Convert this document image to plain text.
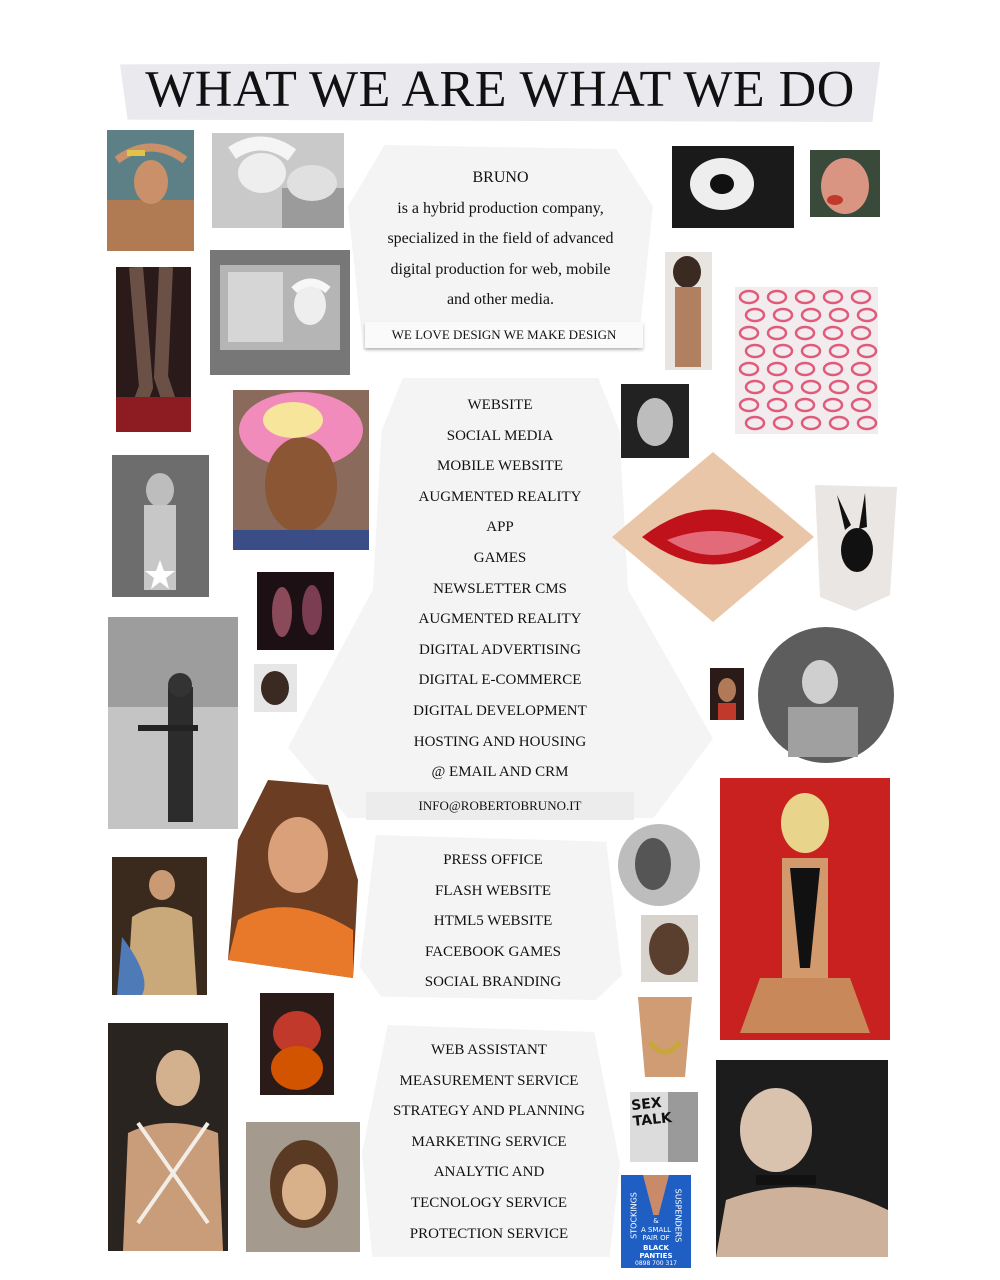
WHAT WE ARE WHAT WE DO
BRUNO
is a hybrid production company,
specialized in the field of advanced
digital production for web, mobile
and other media.
WE LOVE DESIGN WE MAKE DESIGN
WEBSITE
SOCIAL MEDIA
MOBILE WEBSITE
AUGMENTED REALITY
APP
GAMES
NEWSLETTER CMS
AUGMENTED REALITY
DIGITAL ADVERTISING
DIGITAL E-COMMERCE
DIGITAL DEVELOPMENT
HOSTING AND HOUSING
@ EMAIL AND CRM
INFO@ROBERTOBRUNO.IT
PRESS OFFICE
FLASH WEBSITE
HTML5 WEBSITE
FACEBOOK GAMES
SOCIAL BRANDING
WEB ASSISTANT
MEASUREMENT SERVICE
STRATEGY AND PLANNING
MARKETING SERVICE
ANALYTIC AND
TECNOLOGY SERVICE
PROTECTION SERVICE
SEX TALK
STOCKINGS	SUSPENDERS
&
A SMALL PAIR OF
BLACK PANTIES
0898 700 317
